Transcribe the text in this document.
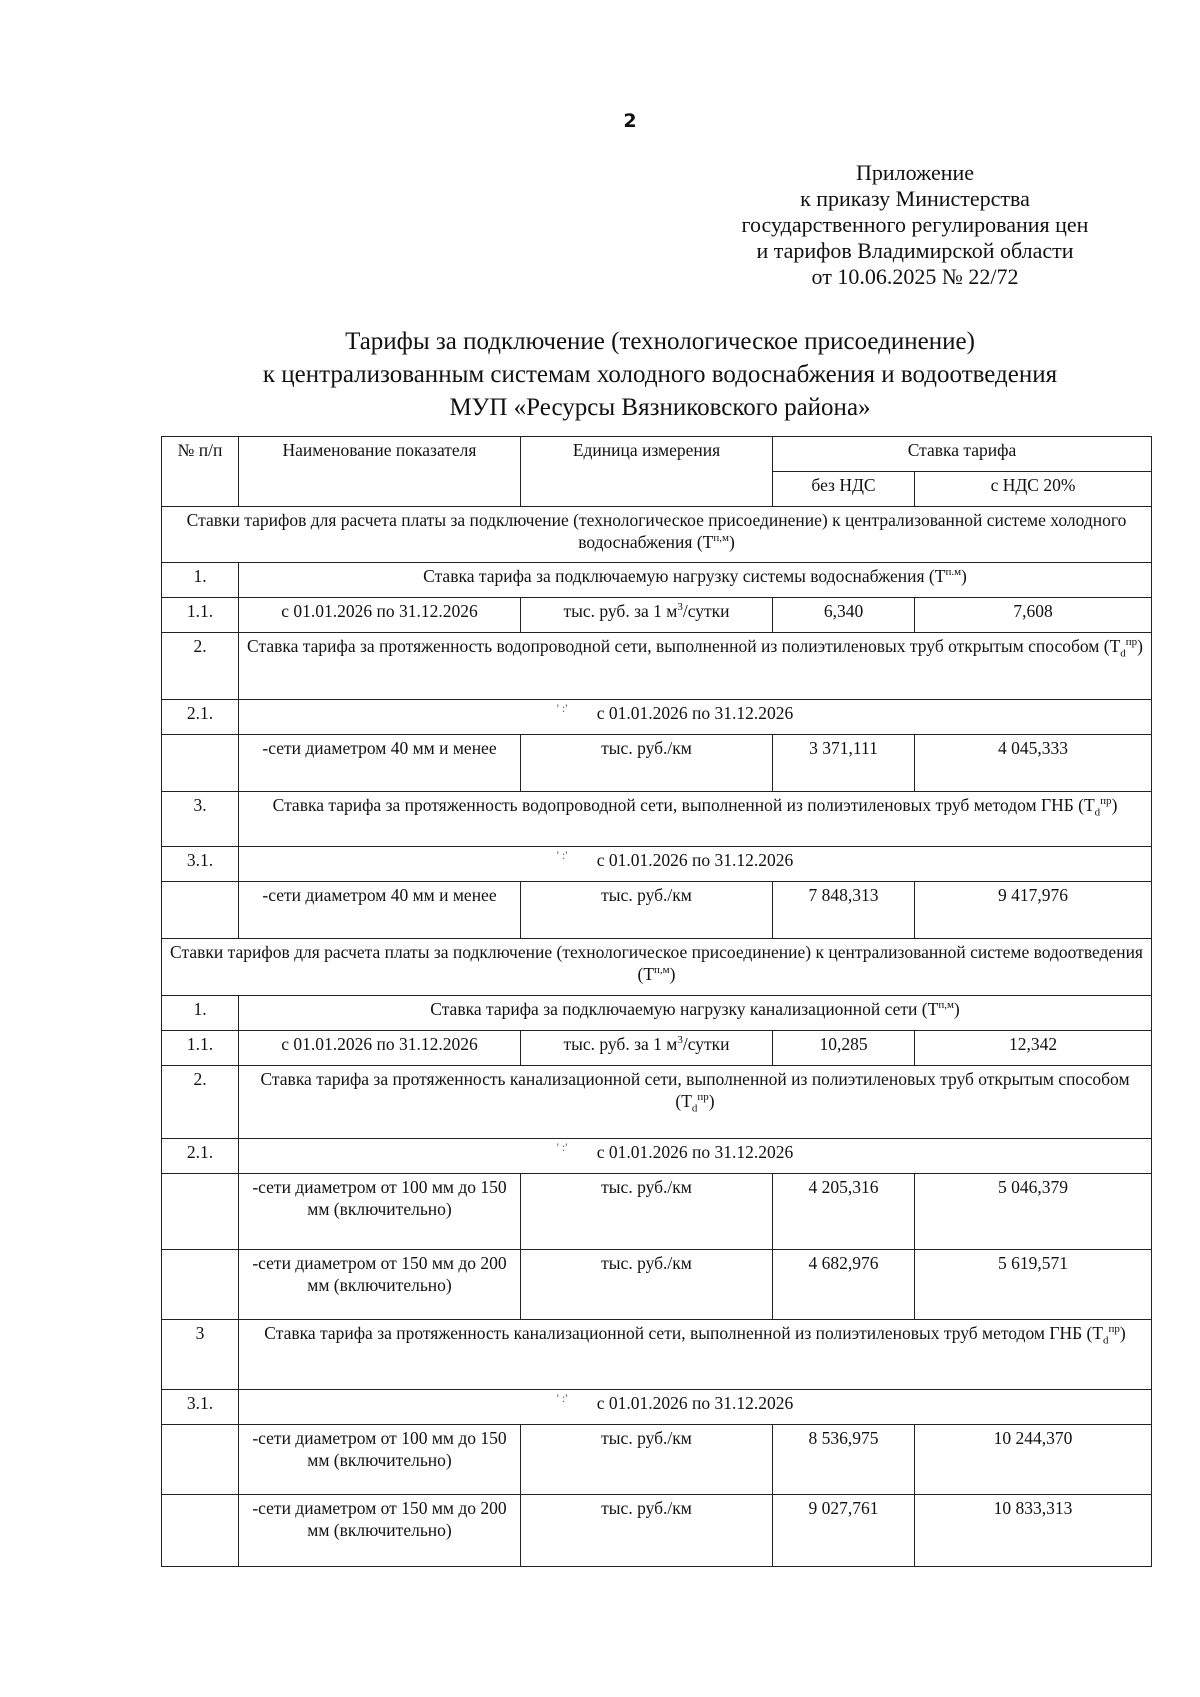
2
Приложение
к приказу Министерства
государственного регулирования цен
и тарифов Владимирской области
от 10.06.2025 № 22/72
Тарифы за подключение (технологическое присоединение)
к централизованным системам холодного водоснабжения и водоотведения
МУП «Ресурсы Вязниковского района»
№ п/п	Наименование показателя	Единица измерения	Ставка тарифа	
			без НДС	с НДС 20%
Ставки тарифов для расчета платы за подключение (технологическое присоединение) к централизованной системе холодного водоснабжения $(Т^{п,м})$				
1.	Ставка тарифа за подключаемую нагрузку системы водоснабжения $(Т^{п.м})$			
1.1.	с 01.01.2026 по 31.12.2026	тыс. руб. за 1 $м^3$/сутки	6,340	7,608
2.	Ставка тарифа за протяженность водопроводной сети, выполненной из полиэтиленовых труб открытым способом $(Т_d^{пр})$			
2.1.	' :' с 01.01.2026 по 31.12.2026			
	-сети диаметром 40 мм и менее	тыс. руб./км	3 371,111	4 045,333
3.	Ставка тарифа за протяженность водопроводной сети, выполненной из полиэтиленовых труб методом ГНБ $(Т_d^{пр})$			
3.1.	' :' с 01.01.2026 по 31.12.2026			
	-сети диаметром 40 мм и менее	тыс. руб./км	7 848,313	9 417,976
Ставки тарифов для расчета платы за подключение (технологическое присоединение) к централизованной системе водоотведения $(Т^{п,м})$				
1.	Ставка тарифа за подключаемую нагрузку канализационной сети $(Т^{п,м})$			
1.1.	с 01.01.2026 по 31.12.2026	тыс. руб. за 1 $м^3$/сутки	10,285	12,342
2.	Ставка тарифа за протяженность канализационной сети, выполненной из полиэтиленовых труб открытым способом $(Т_d^{пр})$			
2.1.	' :' с 01.01.2026 по 31.12.2026			
	-сети диаметром от 100 мм до 150 мм (включительно)	тыс. руб./км	4 205,316	5 046,379
	-сети диаметром от 150 мм до 200 мм (включительно)	тыс. руб./км	4 682,976	5 619,571
3	Ставка тарифа за протяженность канализационной сети, выполненной из полиэтиленовых труб методом ГНБ $(Т_d^{пр})$			
3.1.	' :' с 01.01.2026 по 31.12.2026			
	-сети диаметром от 100 мм до 150 мм (включительно)	тыс. руб./км	8 536,975	10 244,370
	-сети диаметром от 150 мм до 200 мм (включительно)	тыс. руб./км	9 027,761	10 833,313
